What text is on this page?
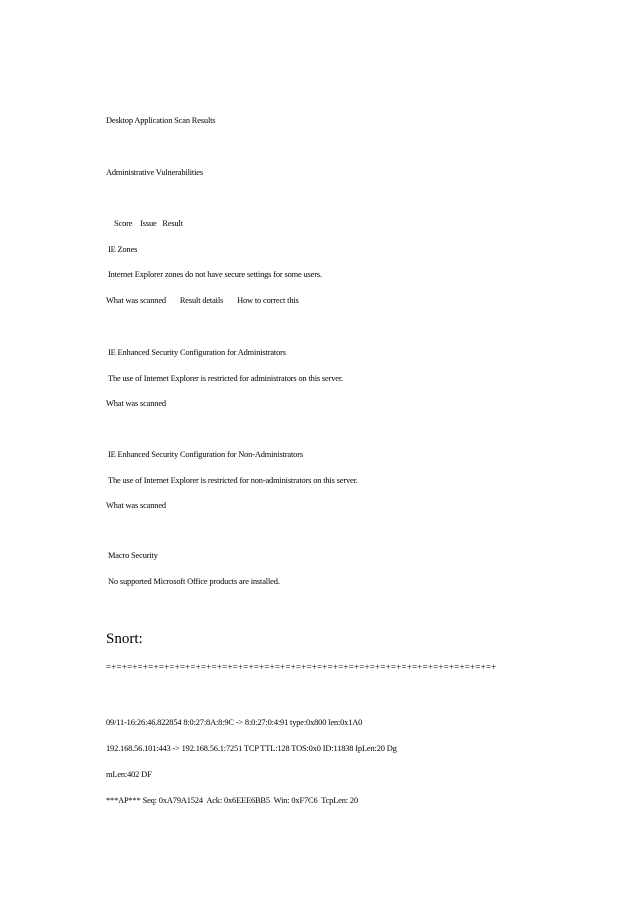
Desktop Application Scan Results
Administrative Vulnerabilities
Score    Issue   Result
IE Zones
Internet Explorer zones do not have secure settings for some users.
What was scanned Result details How to correct this
IE Enhanced Security Configuration for Administrators
The use of Internet Explorer is restricted for administrators on this server.
What was scanned
IE Enhanced Security Configuration for Non-Administrators
The use of Internet Explorer is restricted for non-administrators on this server.
What was scanned
Macro Security
No supported Microsoft Office products are installed.
Snort:
=+=+=+=+=+=+=+=+=+=+=+=+=+=+=+=+=+=+=+=+=+=+=+=+=+=+=+=+=+=+=+=+=+=+=+=+=+
09/11-16:26:46.822854 8:0:27:8A:8:9C -> 8:0:27:0:4:91 type:0x800 len:0x1A0
192.168.56.101:443 -> 192.168.56.1:7251 TCP TTL:128 TOS:0x0 ID:11838 IpLen:20 Dg
mLen:402 DF
***AP*** Seq: 0xA79A1524  Ack: 0x6EEE6BB5  Win: 0xF7C6  TcpLen: 20
